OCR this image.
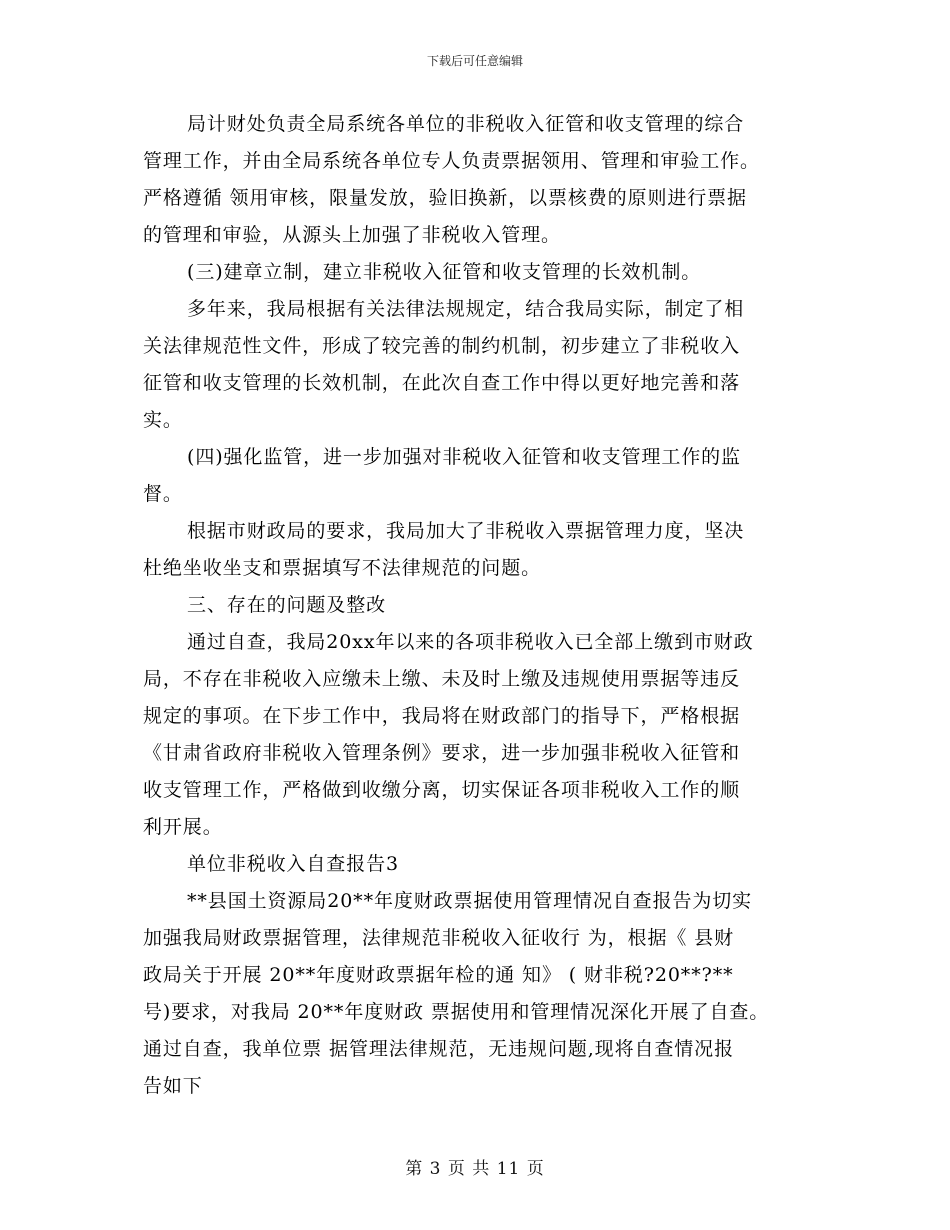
下载后可任意编辑
局计财处负责全局系统各单位的非税收入征管和收支管理的综合
管理工作，并由全局系统各单位专人负责票据领用、管理和审验工作。
严格遵循 领用审核，限量发放，验旧换新，以票核费的原则进行票据
的管理和审验，从源头上加强了非税收入管理。
(三)建章立制，建立非税收入征管和收支管理的长效机制。
多年来，我局根据有关法律法规规定，结合我局实际，制定了相
关法律规范性文件，形成了较完善的制约机制，初步建立了非税收入
征管和收支管理的长效机制，在此次自查工作中得以更好地完善和落
实。
(四)强化监管，进一步加强对非税收入征管和收支管理工作的监
督。
根据市财政局的要求，我局加大了非税收入票据管理力度，坚决
杜绝坐收坐支和票据填写不法律规范的问题。
三、存在的问题及整改
通过自查，我局20xx年以来的各项非税收入已全部上缴到市财政
局，不存在非税收入应缴未上缴、未及时上缴及违规使用票据等违反
规定的事项。在下步工作中，我局将在财政部门的指导下，严格根据
《甘肃省政府非税收入管理条例》要求，进一步加强非税收入征管和
收支管理工作，严格做到收缴分离，切实保证各项非税收入工作的顺
利开展。
单位非税收入自查报告3
**县国土资源局20**年度财政票据使用管理情况自查报告为切实
加强我局财政票据管理，法律规范非税收入征收行 为，根据《 县财
政局关于开展 20**年度财政票据年检的通 知》 ( 财非税?20**?**
号)要求，对我局 20**年度财政 票据使用和管理情况深化开展了自查。
通过自查，我单位票 据管理法律规范，无违规问题,现将自查情况报
告如下
第 3 页 共 11 页
